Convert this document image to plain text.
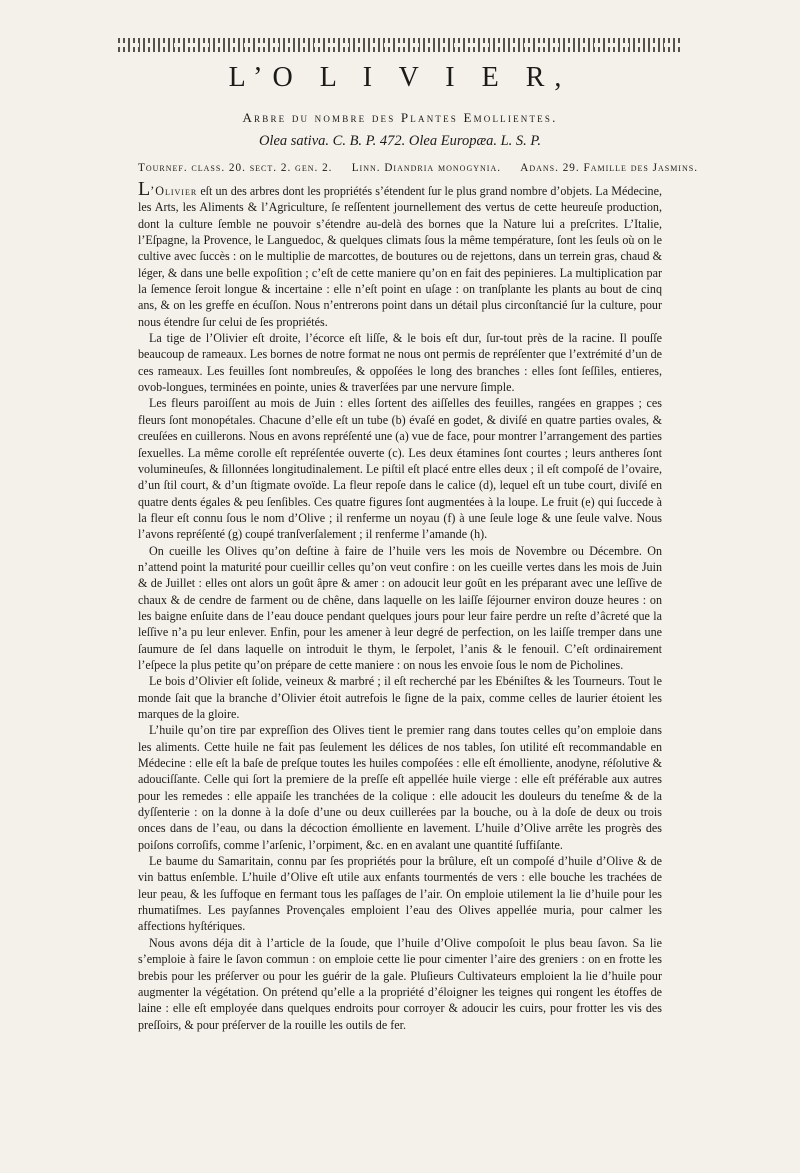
L’O L I V I E R,
Arbre du nombre des Plantes Emollientes.
Olea sativa. C. B. P. 472. Olea Europæa. L. S. P.
Tournef. claſſ. 20. ſect. 2. gen. 2. Linn. Diandria monogynia. Adans. 29. Famille des Jaſmins.

L’Olivier eſt un des arbres dont les propriétés s’étendent ſur le plus grand nombre d’objets. La Médecine, les Arts, les Aliments & l’Agriculture, ſe reſſentent journellement des vertus de cette heureuſe production, dont la culture ſemble ne pouvoir s’étendre au-delà des bornes que la Nature lui a preſcrites. L’Italie, l’Eſpagne, la Provence, le Languedoc, & quelques climats ſous la même température, ſont les ſeuls où on le cultive avec ſuccès : on le multiplie de marcottes, de boutures ou de rejettons, dans un terrein gras, chaud & léger, & dans une belle expoſition ; c’eſt de cette maniere qu’on en fait des pepinieres. La multiplication par la ſemence ſeroit longue & incertaine : elle n’eſt point en uſage : on tranſplante les plants au bout de cinq ans, & on les greffe en écuſſon. Nous n’entrerons point dans un détail plus circonſtancié ſur la culture, pour nous étendre ſur celui de ſes propriétés.

La tige de l’Olivier eſt droite, l’écorce eſt liſſe, & le bois eſt dur, ſur-tout près de la racine. Il pouſſe beaucoup de rameaux. Les bornes de notre format ne nous ont permis de repréſenter que l’extrémité d’un de ces rameaux. Les feuilles ſont nombreuſes, & oppoſées le long des branches : elles ſont ſeſſiles, entieres, ovob-longues, terminées en pointe, unies & traverſées par une nervure ſimple.

Les fleurs paroiſſent au mois de Juin : elles ſortent des aiſſelles des feuilles, rangées en grappes ; ces fleurs ſont monopétales. Chacune d’elle eſt un tube (b) évaſé en godet, & diviſé en quatre parties ovales, & creuſées en cuillerons. Nous en avons repréſenté une (a) vue de face, pour montrer l’arrangement des parties ſexuelles. La même corolle eſt repréſentée ouverte (c). Les deux étamines ſont courtes ; leurs antheres ſont volumineuſes, & ſillonnées longitudinalement. Le piſtil eſt placé entre elles deux ; il eſt compoſé de l’ovaire, d’un ſtil court, & d’un ſtigmate ovoïde. La fleur repoſe dans le calice (d), lequel eſt un tube court, diviſé en quatre dents égales & peu ſenſibles. Ces quatre figures ſont augmentées à la loupe. Le fruit (e) qui ſuccede à la fleur eſt connu ſous le nom d’Olive ; il renferme un noyau (f) à une ſeule loge & une ſeule valve. Nous l’avons repréſenté (g) coupé tranſverſalement ; il renferme l’amande (h).

On cueille les Olives qu’on deſtine à faire de l’huile vers les mois de Novembre ou Décembre. On n’attend point la maturité pour cueillir celles qu’on veut confire : on les cueille vertes dans les mois de Juin & de Juillet : elles ont alors un goût âpre & amer : on adoucit leur goût en les préparant avec une leſſive de chaux & de cendre de farment ou de chêne, dans laquelle on les laiſſe ſéjourner environ douze heures : on les baigne enſuite dans de l’eau douce pendant quelques jours pour leur faire perdre un reſte d’âcreté que la leſſive n’a pu leur enlever. Enfin, pour les amener à leur degré de perfection, on les laiſſe tremper dans une ſaumure de ſel dans laquelle on introduit le thym, le ſerpolet, l’anis & le fenouil. C’eſt ordinairement l’eſpece la plus petite qu’on prépare de cette maniere : on nous les envoie ſous le nom de Picholines.

Le bois d’Olivier eſt ſolide, veineux & marbré ; il eſt recherché par les Ebéniſtes & les Tourneurs. Tout le monde ſait que la branche d’Olivier étoit autrefois le ſigne de la paix, comme celles de laurier étoient les marques de la gloire.

L’huile qu’on tire par expreſſion des Olives tient le premier rang dans toutes celles qu’on emploie dans les aliments. Cette huile ne fait pas ſeulement les délices de nos tables, ſon utilité eſt recommandable en Médecine : elle eſt la baſe de preſque toutes les huiles compoſées : elle eſt émolliente, anodyne, réſolutive & adouciſſante. Celle qui ſort la premiere de la preſſe eſt appellée huile vierge : elle eſt préférable aux autres pour les remedes : elle appaiſe les tranchées de la colique : elle adoucit les douleurs du teneſme & de la dyſſenterie : on la donne à la doſe d’une ou deux cuillerées par la bouche, ou à la doſe de deux ou trois onces dans de l’eau, ou dans la décoction émolliente en lavement. L’huile d’Olive arrête les progrès des poiſons corroſifs, comme l’arſenic, l’orpiment, &c. en en avalant une quantité ſuffiſante.

Le baume du Samaritain, connu par ſes propriétés pour la brûlure, eſt un compoſé d’huile d’Olive & de vin battus enſemble. L’huile d’Olive eſt utile aux enfants tourmentés de vers : elle bouche les trachées de leur peau, & les ſuffoque en fermant tous les paſſages de l’air. On emploie utilement la lie d’huile pour les rhumatiſmes. Les payſannes Provençales emploient l’eau des Olives appellée muria, pour calmer les affections hyſtériques.

Nous avons déja dit à l’article de la ſoude, que l’huile d’Olive compoſoit le plus beau ſavon. Sa lie s’emploie à faire le ſavon commun : on emploie cette lie pour cimenter l’aire des greniers : on en frotte les brebis pour les préſerver ou pour les guérir de la gale. Pluſieurs Cultivateurs emploient la lie d’huile pour augmenter la végétation. On prétend qu’elle a la propriété d’éloigner les teignes qui rongent les étoffes de laine : elle eſt employée dans quelques endroits pour corroyer & adoucir les cuirs, pour frotter les vis des preſſoirs, & pour préſerver de la rouille les outils de fer.
